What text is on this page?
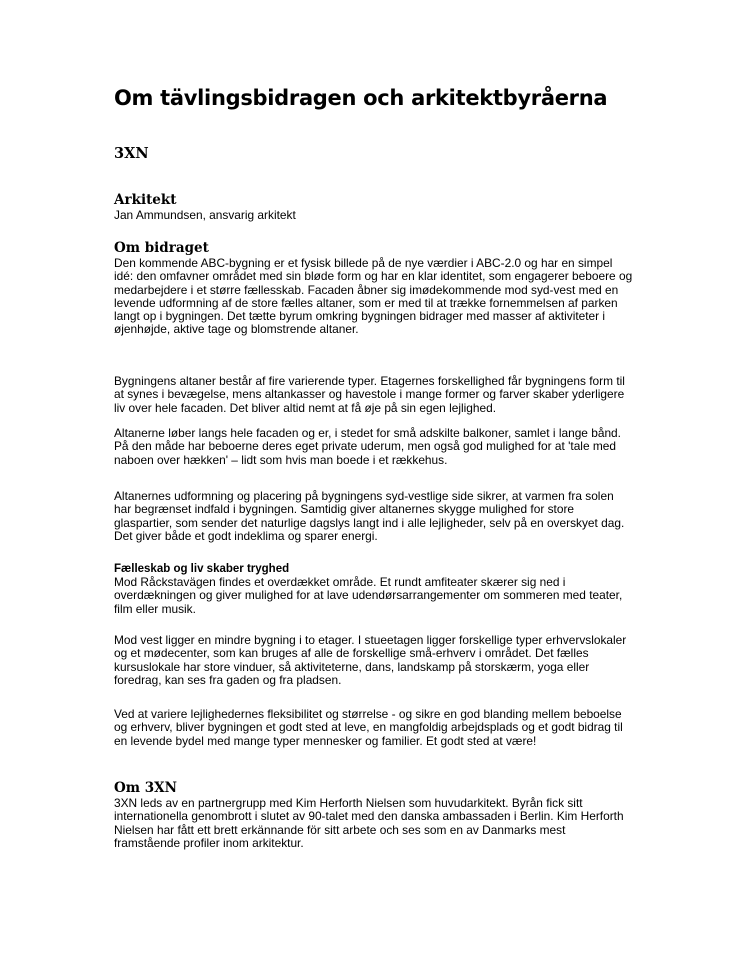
Om tävlingsbidragen och arkitektbyråerna
3XN
Arkitekt

Jan Ammundsen, ansvarig arkitekt

Om bidraget

Den kommende ABC-bygning er et fysisk billede på de nye værdier i ABC-2.0 og har en simpel idé: den omfavner området med sin bløde form og har en klar identitet, som engagerer beboere og medarbejdere i et større fællesskab. Facaden åbner sig imødekommende mod syd-vest med en levende udformning af de store fælles altaner, som er med til at trække fornemmelsen af parken langt op i bygningen. Det tætte byrum omkring bygningen bidrager med masser af aktiviteter i øjenhøjde, aktive tage og blomstrende altaner.

Bygningens altaner består af fire varierende typer. Etagernes forskellighed får bygningens form til at synes i bevægelse, mens altankasser og havestole i mange former og farver skaber yderligere liv over hele facaden. Det bliver altid nemt at få øje på sin egen lejlighed.

Altanerne løber langs hele facaden og er, i stedet for små adskilte balkoner, samlet i lange bånd. På den måde har beboerne deres eget private uderum, men også god mulighed for at 'tale med naboen over hækken' – lidt som hvis man boede i et rækkehus.

Altanernes udformning og placering på bygningens syd-vestlige side sikrer, at varmen fra solen har begrænset indfald i bygningen. Samtidig giver altanernes skygge mulighed for store glaspartier, som sender det naturlige dagslys langt ind i alle lejligheder, selv på en overskyet dag. Det giver både et godt indeklima og sparer energi.

Fælleskab og liv skaber tryghed

Mod Råckstavägen findes et overdækket område. Et rundt amfiteater skærer sig ned i overdækningen og giver mulighed for at lave udendørsarrangementer om sommeren med teater, film eller musik.

Mod vest ligger en mindre bygning i to etager. I stueetagen ligger forskellige typer erhvervslokaler og et mødecenter, som kan bruges af alle de forskellige små-erhverv i området. Det fælles kursuslokale har store vinduer, så aktiviteterne, dans, landskamp på storskærm, yoga eller foredrag, kan ses fra gaden og fra pladsen.

Ved at variere lejlighedernes fleksibilitet og størrelse - og sikre en god blanding mellem beboelse og erhverv, bliver bygningen et godt sted at leve, en mangfoldig arbejdsplads og et godt bidrag til en levende bydel med mange typer mennesker og familier. Et godt sted at være!

Om 3XN

3XN leds av en partnergrupp med Kim Herforth Nielsen som huvudarkitekt. Byrån fick sitt internationella genombrott i slutet av 90-talet med den danska ambassaden i Berlin. Kim Herforth Nielsen har fått ett brett erkännande för sitt arbete och ses som en av Danmarks mest framstående profiler inom arkitektur.
